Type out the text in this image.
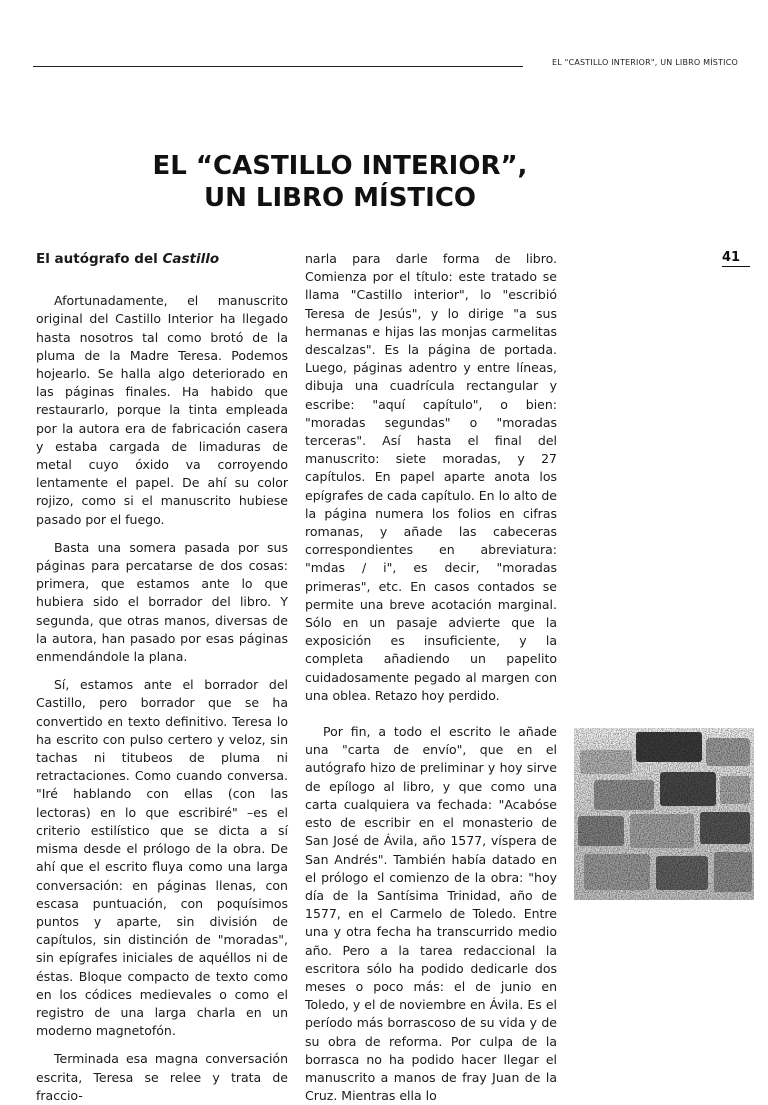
EL "CASTILLO INTERIOR", UN LIBRO MÍSTICO
EL “CASTILLO INTERIOR”,
UN LIBRO MÍSTICO
El autógrafo del Castillo

Afortunadamente, el manuscrito original del Castillo Interior ha llegado hasta nosotros tal como brotó de la pluma de la Madre Teresa. Podemos hojearlo. Se halla algo deteriorado en las páginas finales. Ha habido que restaurarlo, porque la tinta empleada por la autora era de fabricación casera y estaba cargada de limaduras de metal cuyo óxido va corroyendo lentamente el papel. De ahí su color rojizo, como si el manuscrito hubiese pasado por el fuego.

Basta una somera pasada por sus páginas para percatarse de dos cosas: primera, que estamos ante lo que hubiera sido el borrador del libro. Y segunda, que otras manos, diversas de la autora, han pasado por esas páginas enmendándole la plana.

Sí, estamos ante el borrador del Castillo, pero borrador que se ha convertido en texto definitivo. Teresa lo ha escrito con pulso certero y veloz, sin tachas ni titubeos de pluma ni retractaciones. Como cuando conversa. "Iré hablando con ellas (con las lectoras) en lo que escribiré" –es el criterio estilístico que se dicta a sí misma desde el prólogo de la obra. De ahí que el escrito fluya como una larga conversación: en páginas llenas, con escasa puntuación, con poquísimos puntos y aparte, sin división de capítulos, sin distinción de "moradas", sin epígrafes iniciales de aquéllos ni de éstas. Bloque compacto de texto como en los códices medievales o como el registro de una larga charla en un moderno magnetofón.

Terminada esa magna conversación escrita, Teresa se relee y trata de fraccio-

narla para darle forma de libro. Comienza por el título: este tratado se llama "Castillo interior", lo "escribió Teresa de Jesús", y lo dirige "a sus hermanas e hijas las monjas carmelitas descalzas". Es la página de portada. Luego, páginas adentro y entre líneas, dibuja una cuadrícula rectangular y escribe: "aquí capítulo", o bien: "moradas segundas" o "moradas terceras". Así hasta el final del manuscrito: siete moradas, y 27 capítulos. En papel aparte anota los epígrafes de cada capítulo. En lo alto de la página numera los folios en cifras romanas, y añade las cabeceras correspondientes en abreviatura: "mdas / i", es decir, "moradas primeras", etc. En casos contados se permite una breve acotación marginal. Sólo en un pasaje advierte que la exposición es insuficiente, y la completa añadiendo un papelito cuidadosamente pegado al margen con una oblea. Retazo hoy perdido.

Por fin, a todo el escrito le añade una "carta de envío", que en el autógrafo hizo de preliminar y hoy sirve de epílogo al libro, y que como una carta cualquiera va fechada: "Acabóse esto de escribir en el monasterio de San José de Ávila, año 1577, víspera de San Andrés". También había datado en el prólogo el comienzo de la obra: "hoy día de la Santísima Trinidad, año de 1577, en el Carmelo de Toledo. Entre una y otra fecha ha transcurrido medio año. Pero a la tarea redaccional la escritora sólo ha podido dedicarle dos meses o poco más: el de junio en Toledo, y el de noviembre en Ávila. Es el período más borrascoso de su vida y de su obra de reforma. Por culpa de la borrasca no ha podido hacer llegar el manuscrito a manos de fray Juan de la Cruz. Mientras ella lo

41
